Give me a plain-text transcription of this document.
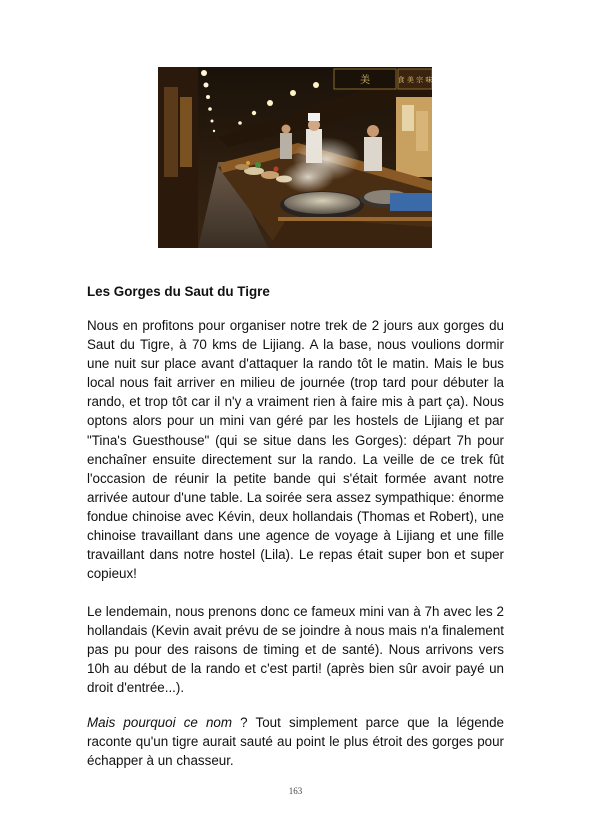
美	食 美 宗 味

Les Gorges du Saut du Tigre

Nous en profitons pour organiser notre trek de 2 jours aux gorges du Saut du Tigre, à 70 kms de Lijiang. A la base, nous voulions dormir une nuit sur place avant d'attaquer la rando tôt le matin. Mais le bus local nous fait arriver en milieu de journée (trop tard pour débuter la rando, et trop tôt car il n'y a vraiment rien à faire mis à part ça). Nous optons alors pour un mini van géré par les hostels de Lijiang et par "Tina's Guesthouse" (qui se situe dans les Gorges): départ 7h pour enchaîner ensuite directement sur la rando. La veille de ce trek fût l'occasion de réunir la petite bande qui s'était formée avant notre arrivée autour d'une table. La soirée sera assez sympathique: énorme fondue chinoise avec Kévin, deux hollandais (Thomas et Robert), une chinoise travaillant dans une agence de voyage à Lijiang et une fille travaillant dans notre hostel (Lila). Le repas était super bon et super copieux!

Le lendemain, nous prenons donc ce fameux mini van à 7h avec les 2 hollandais (Kevin avait prévu de se joindre à nous mais n'a finalement pas pu pour des raisons de timing et de santé). Nous arrivons vers 10h au début de la rando et c'est parti! (après bien sûr avoir payé un droit d'entrée...).

Mais pourquoi ce nom ? Tout simplement parce que la légende raconte qu'un tigre aurait sauté au point le plus étroit des gorges pour échapper à un chasseur.

163
